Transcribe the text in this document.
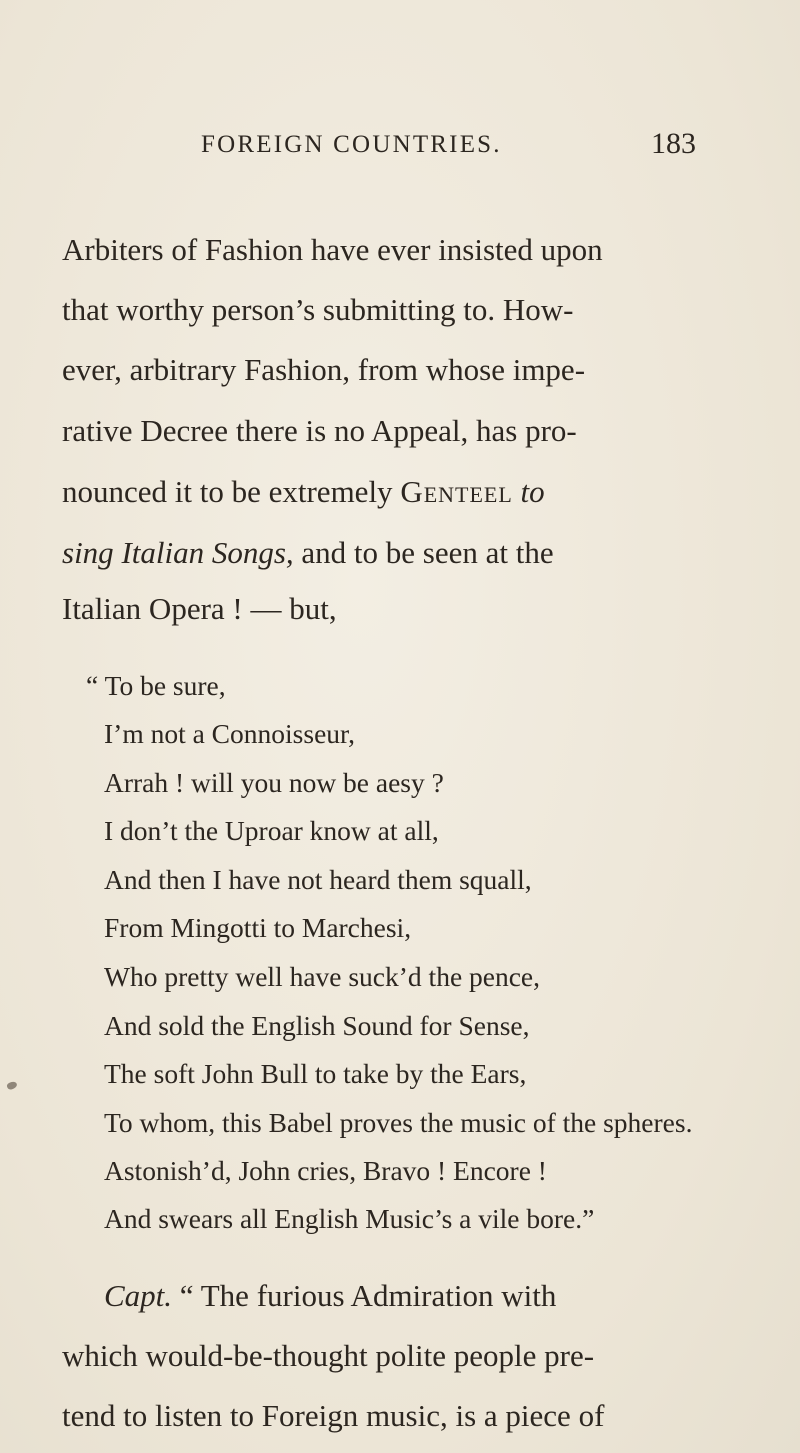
FOREIGN COUNTRIES.	183

Arbiters of Fashion have ever insisted upon

that worthy person’s submitting to. How-

ever, arbitrary Fashion, from whose impe-

rative Decree there is no Appeal, has pro-

nounced it to be extremely Genteel to

sing Italian Songs, and to be seen at the

Italian Opera ! — but,

“ To be sure,

I’m not a Connoisseur,

Arrah ! will you now be aesy ?

I don’t the Uproar know at all,

And then I have not heard them squall,

From Mingotti to Marchesi,

Who pretty well have suck’d the pence,

And sold the English Sound for Sense,

The soft John Bull to take by the Ears,

To whom, this Babel proves the music of the spheres.

Astonish’d, John cries, Bravo ! Encore !

And swears all English Music’s a vile bore.”

Capt. “ The furious Admiration with

which would-be-thought polite people pre-

tend to listen to Foreign music, is a piece of
